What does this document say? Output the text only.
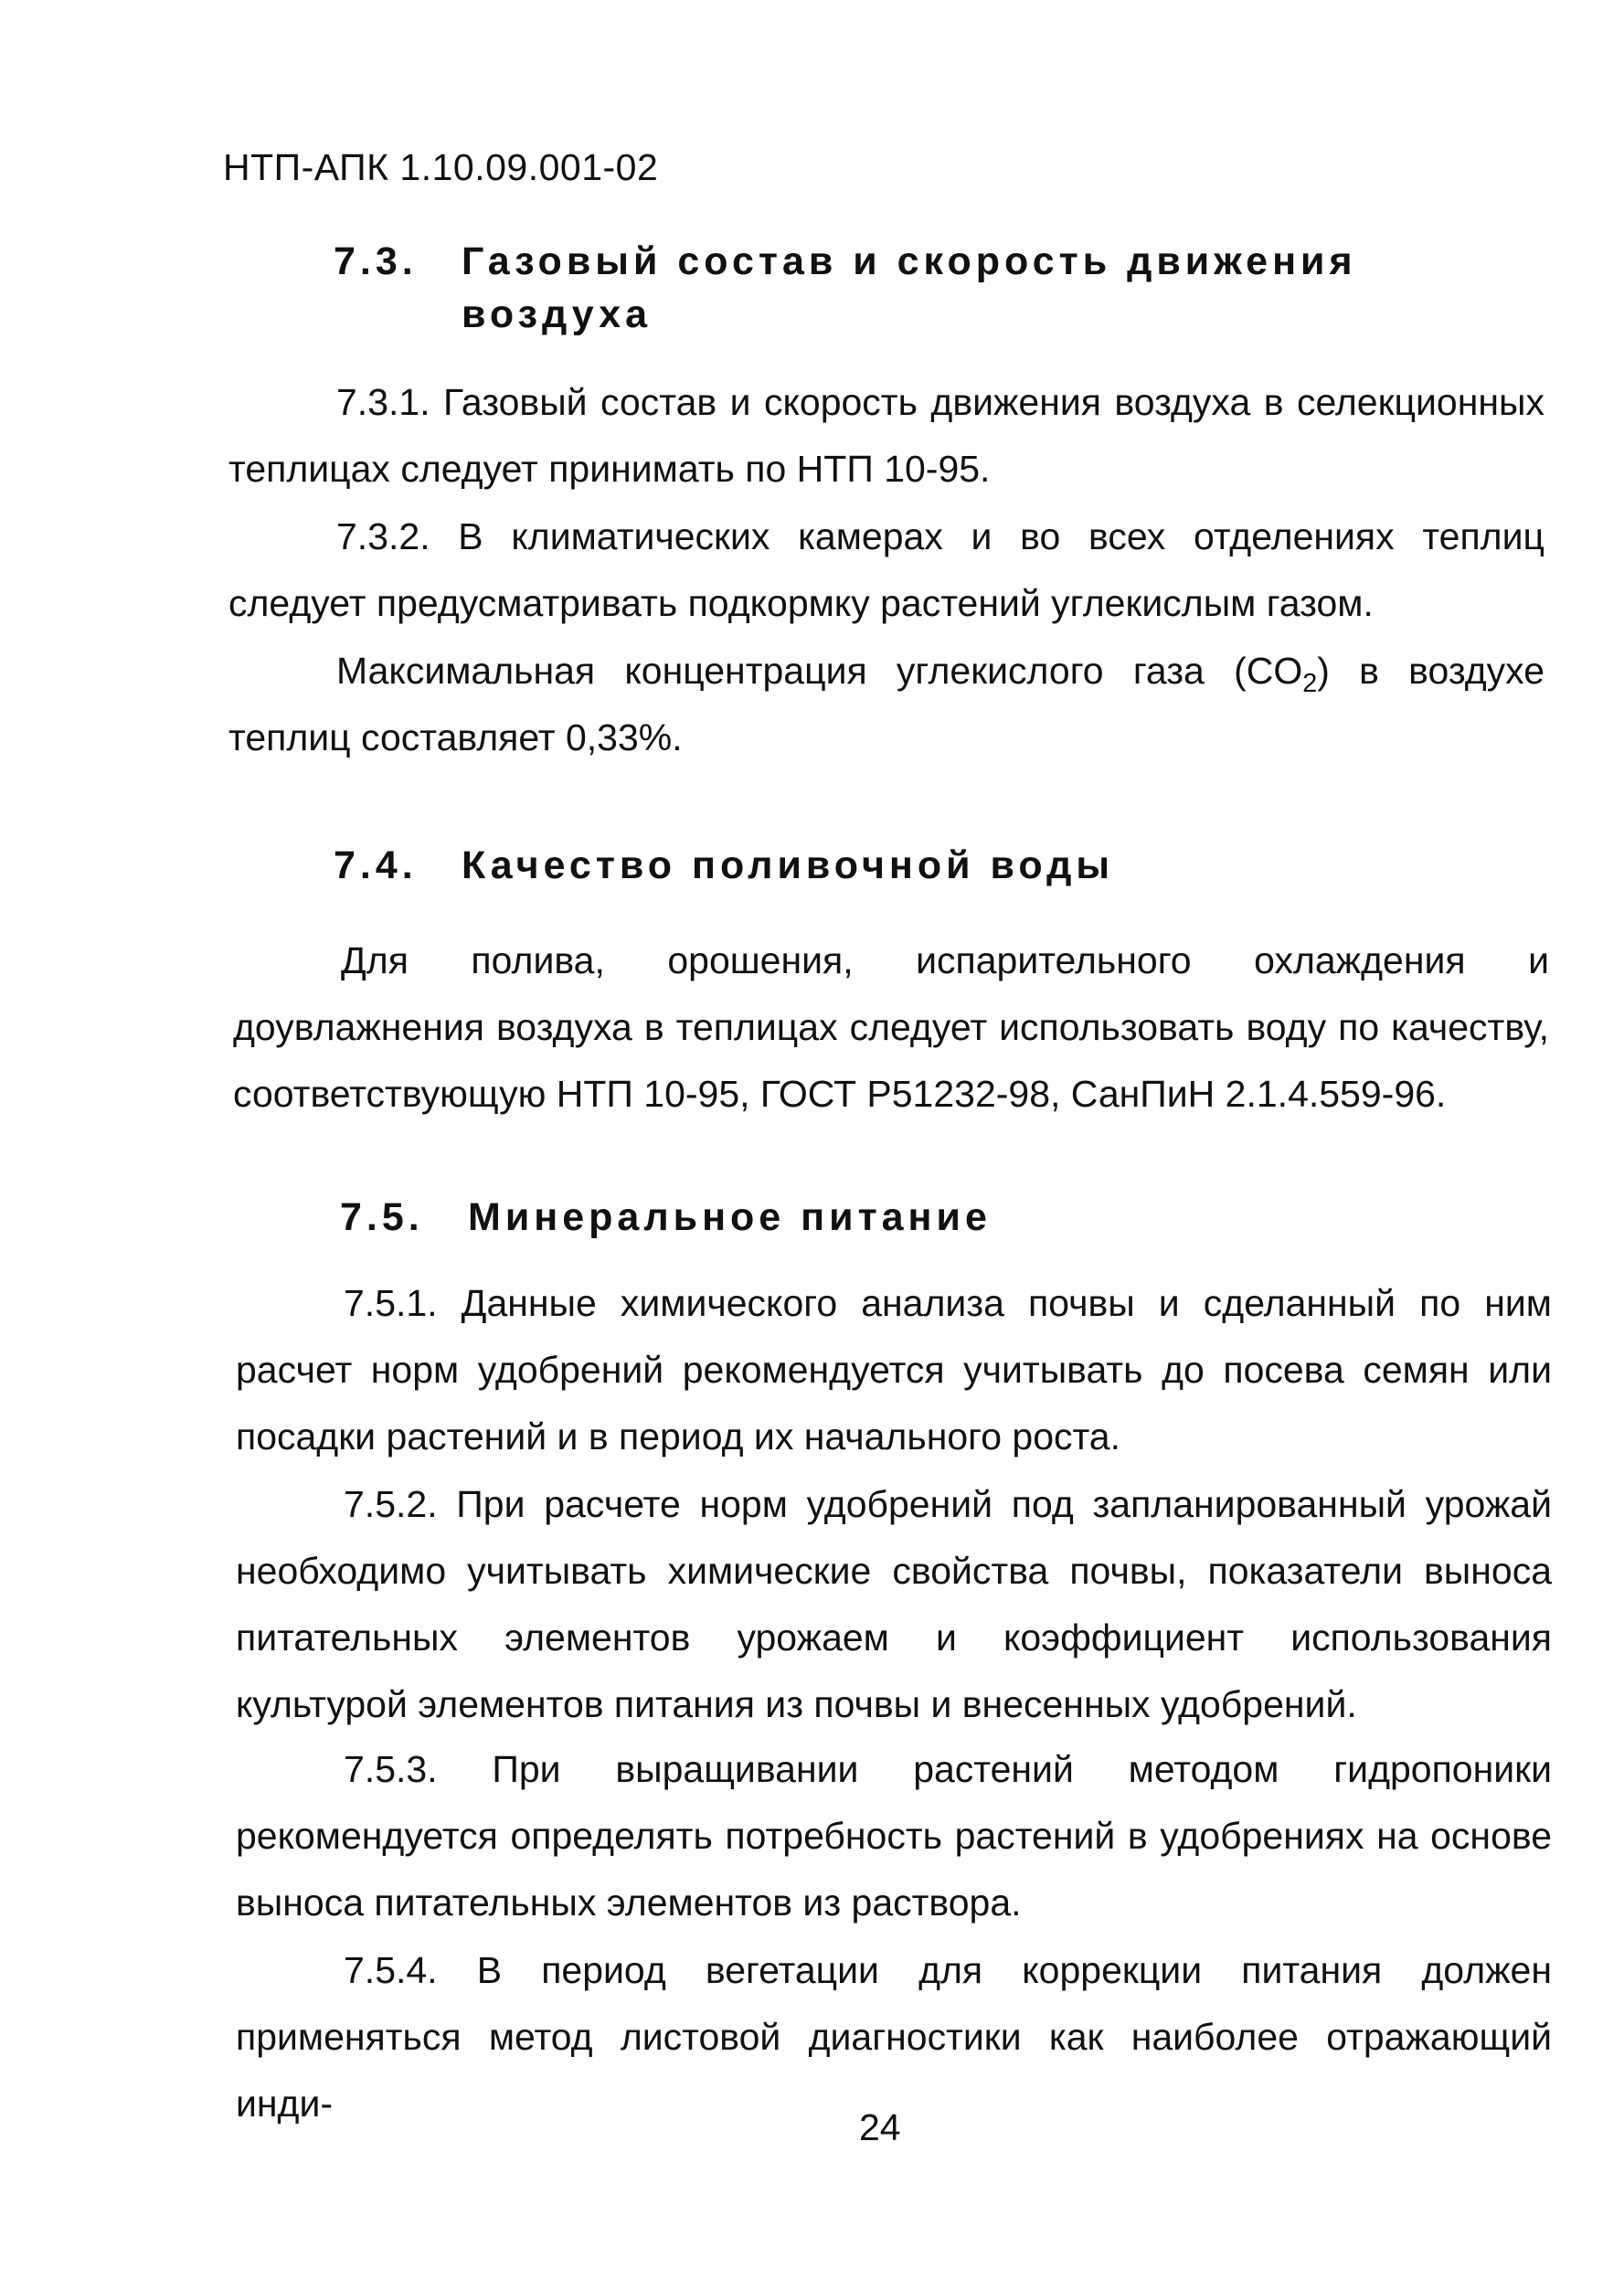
НТП-АПК 1.10.09.001-02
7.3. Газовый состав и скорость движения воздуха
7.3.1. Газовый состав и скорость движения воздуха в селекционных теплицах следует принимать по НТП 10-95.
7.3.2. В климатических камерах и во всех отделениях теплиц следует предусматривать подкормку растений углекислым газом.
Максимальная концентрация углекислого газа $(CO_2)$ в воздухе теплиц составляет 0,33%.
7.4. Качество поливочной воды
Для полива, орошения, испарительного охлаждения и доувлажнения воздуха в теплицах следует использовать воду по качеству, соответствующую НТП 10-95, ГОСТ Р51232-98, СанПиН 2.1.4.559-96.
7.5. Минеральное питание
7.5.1. Данные химического анализа почвы и сделанный по ним расчет норм удобрений рекомендуется учитывать до посева семян или посадки растений и в период их начального роста.
7.5.2. При расчете норм удобрений под запланированный урожай необходимо учитывать химические свойства почвы, показатели выноса питательных элементов урожаем и коэффициент использования культурой элементов питания из почвы и внесенных удобрений.
7.5.3. При выращивании растений методом гидропоники рекомендуется определять потребность растений в удобрениях на основе выноса питательных элементов из раствора.
7.5.4. В период вегетации для коррекции питания должен применяться метод листовой диагностики как наиболее отражающий инди-
24
